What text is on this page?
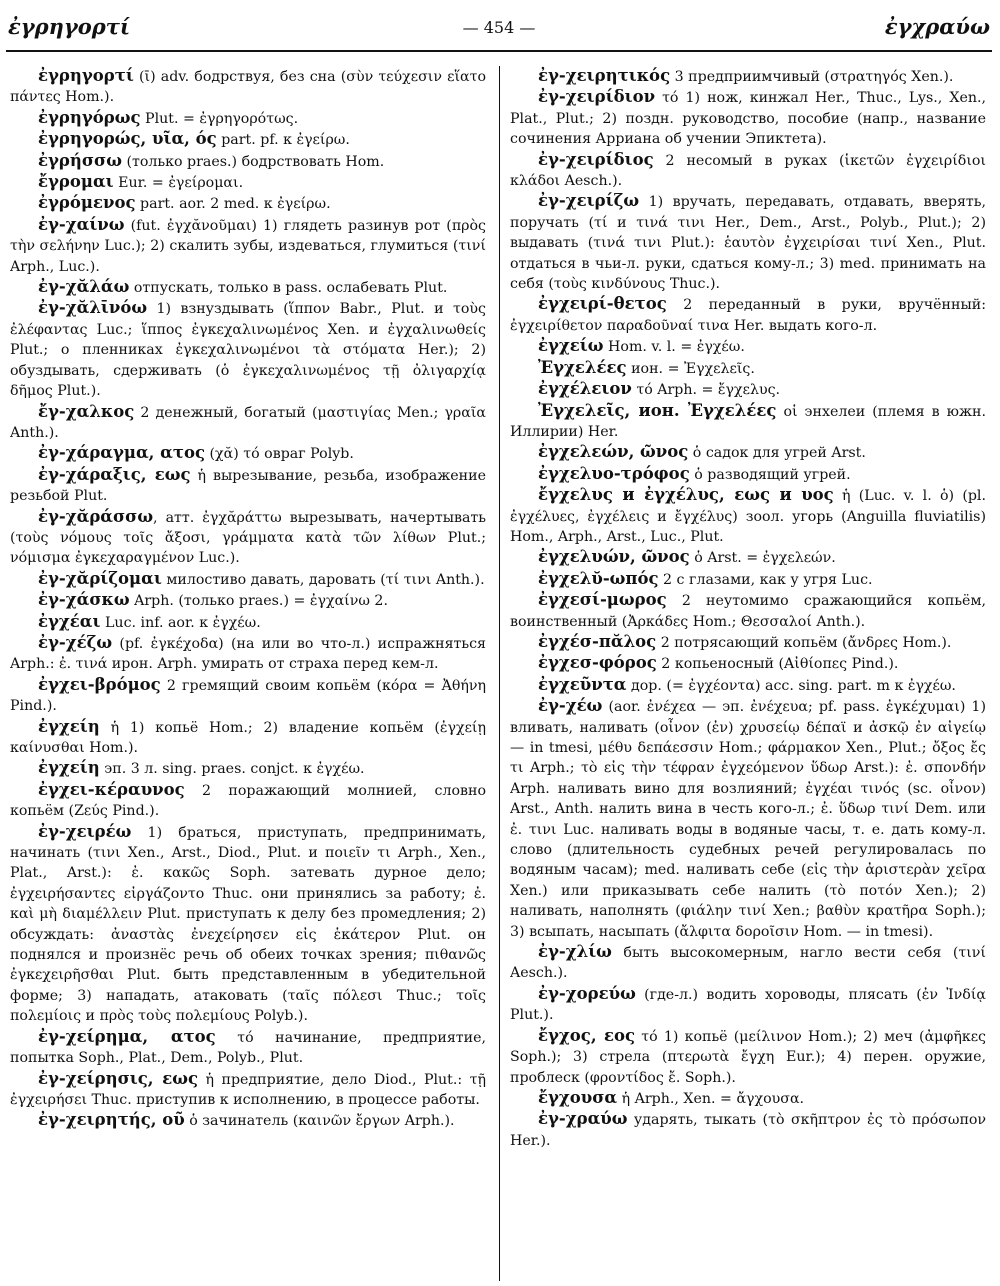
ἐγρηγορτί	— 454 —	ἐγχραύω

ἐγρηγορτί (ῑ) adv. бодрствуя, без сна (σὺν τεύχεσιν εἵατο πάντες Hom.).

ἐγρηγόρως Plut. = ἐγρηγορότως.

ἐγρηγορώς, υῖα, ός part. pf. к ἐγείρω.

ἐγρήσσω (только praes.) бодрствовать Hom.

ἔγρομαι Eur. = ἐγείρομαι.

ἐγρόμενος part. aor. 2 med. к ἐγείρω.

ἐγ-χαίνω (fut. ἐγχᾰνοῦμαι) 1) глядеть разинув рот (πρὸς τὴν σελήνην Luc.); 2) скалить зубы, издеваться, глумиться (τινί Arph., Luc.).

ἐγ-χᾰλάω отпускать, только в pass. ослабевать Plut.

ἐγ-χᾰλῑνόω 1) взнуздывать (ἵππον Babr., Plut. и τοὺς ἐλέφαντας Luc.; ἵππος ἐγκεχαλινωμένος Xen. и ἐγχαλινωθείς Plut.; о пленниках ἐγκεχαλινωμένοι τὰ στόματα Her.); 2) обуздывать, сдерживать (ὁ ἐγκεχαλινωμένος τῇ ὀλιγαρχίᾳ δῆμος Plut.).

ἔγ-χαλκος 2 денежный, богатый (μαστιγίας Men.; γραῖα Anth.).

ἐγ-χάραγμα, ατος (χᾰ) τό овраг Polyb.

ἐγ-χάραξις, εως ἡ вырезывание, резьба, изображение резьбой Plut.

ἐγ-χᾰράσσω, атт. ἐγχᾰράττω вырезывать, начертывать (τοὺς νόμους τοῖς ἄξοσι, γράμματα κατὰ τῶν λίθων Plut.; νόμισμα ἐγκεχαραγμένον Luc.).

ἐγ-χᾰρίζομαι милостиво давать, даровать (τί τινι Anth.).

ἐγ-χάσκω Arph. (только praes.) = ἐγχαίνω 2.

ἐγχέαι Luc. inf. aor. к ἐγχέω.

ἐγ-χέζω (pf. ἐγκέχοδα) (на или во что-л.) испражняться Arph.: ἐ. τινά ирон. Arph. умирать от страха перед кем-л.

ἐγχει-βρόμος 2 гремящий своим копьём (κόρα = Ἀθήνη Pind.).

ἐγχείη ἡ 1) копьё Hom.; 2) владение копьём (ἐγχείῃ καίνυσθαι Hom.).

ἐγχείη эп. 3 л. sing. praes. conjct. к ἐγχέω.

ἐγχει-κέραυνος 2 поражающий молнией, словно копьём (Ζεύς Pind.).

ἐγ-χειρέω 1) браться, приступать, предпринимать, начинать (τινι Xen., Arst., Diod., Plut. и ποιεῖν τι Arph., Xen., Plat., Arst.): ἐ. κακῶς Soph. затевать дурное дело; ἐγχειρήσαντες εἰργάζοντο Thuc. они принялись за работу; ἐ. καὶ μὴ διαμέλλειν Plut. приступать к делу без промедления; 2) обсуждать: ἀναστὰς ἐνεχείρησεν εἰς ἑκάτερον Plut. он поднялся и произнёс речь об обеих точках зрения; πιθανῶς ἐγκεχειρῆσθαι Plut. быть представленным в убедительной форме; 3) нападать, атаковать (ταῖς πόλεσι Thuc.; τοῖς πολεμίοις и πρὸς τοὺς πολεμίους Polyb.).

ἐγ-χείρημα, ατος τό начинание, предприятие, попытка Soph., Plat., Dem., Polyb., Plut.

ἐγ-χείρησις, εως ἡ предприятие, дело Diod., Plut.: τῇ ἐγχειρήσει Thuc. приступив к исполнению, в процессе работы.

ἐγ-χειρητής, οῦ ὁ зачинатель (καινῶν ἔργων Arph.).

ἐγ-χειρητικός 3 предприимчивый (στρατηγός Xen.).

ἐγ-χειρίδιον τό 1) нож, кинжал Her., Thuc., Lys., Xen., Plat., Plut.; 2) поздн. руководство, пособие (напр., название сочинения Арриана об учении Эпиктета).

ἐγ-χειρίδιος 2 несомый в руках (ἱκετῶν ἐγχειρίδιοι κλάδοι Aesch.).

ἐγ-χειρίζω 1) вручать, передавать, отдавать, вверять, поручать (τί и τινά τινι Her., Dem., Arst., Polyb., Plut.); 2) выдавать (τινά τινι Plut.): ἑαυτὸν ἐγχειρίσαι τινί Xen., Plut. отдаться в чьи-л. руки, сдаться кому-л.; 3) med. принимать на себя (τοὺς κινδύνους Thuc.).

ἐγχειρί-θετος 2 переданный в руки, вручённый: ἐγχειρίθετον παραδοῦναί τινα Her. выдать кого-л.

ἐγχείω Hom. v. l. = ἐγχέω.

Ἐγχελέες ион. = Ἐγχελεῖς.

ἐγχέλειον τό Arph. = ἔγχελυς.

Ἐγχελεῖς, ион. Ἐγχελέες οἱ энхелеи (племя в южн. Иллирии) Her.

ἐγχελεών, ῶνος ὁ садок для угрей Arst.

ἐγχελυο-τρόφος ὁ разводящий угрей.

ἔγχελυς и ἐγχέλυς, εως и υος ἡ (Luc. v. l. ὁ) (pl. ἐγχέλυες, ἐγχέλεις и ἔγχέλυς) зоол. угорь (Anguilla fluviatilis) Hom., Arph., Arst., Luc., Plut.

ἐγχελυών, ῶνος ὁ Arst. = ἐγχελεών.

ἐγχελῠ-ωπός 2 с глазами, как у угря Luc.

ἐγχεσί-μωρος 2 неутомимо сражающийся копьём, воинственный (Ἀρκάδες Hom.; Θεσσαλοί Anth.).

ἐγχέσ-πᾰλος 2 потрясающий копьём (ἄνδρες Hom.).

ἐγχεσ-φόρος 2 копьеносный (Αἰθίοπες Pind.).

ἐγχεῦντα дор. (= ἐγχέοντα) acc. sing. part. m к ἐγχέω.

ἐγ-χέω (aor. ἐνέχεα — эп. ἐνέχευα; pf. pass. ἐγκέχυμαι) 1) вливать, наливать (οἶνον (ἐν) χρυσείῳ δέπαϊ и ἀσκῷ ἐν αἰγείῳ — in tmesi, μέθυ δεπάεσσιν Hom.; φάρμακον Xen., Plut.; ὄξος ἔς τι Arph.; τὸ εἰς τὴν τέφραν ἐγχεόμενον ὕδωρ Arst.): ἐ. σπονδήν Arph. наливать вино для возлияний; ἐγχέαι τινός (sc. οἶνον) Arst., Anth. налить вина в честь кого-л.; ἐ. ὕδωρ τινί Dem. или ἐ. τινι Luc. наливать воды в водяные часы, т. е. дать кому-л. слово (длительность судебных речей регулировалась по водяным часам); med. наливать себе (εἰς τὴν ἀριστερὰν χεῖρα Xen.) или приказывать себе налить (τὸ ποτόν Xen.); 2) наливать, наполнять (φιάλην τινί Xen.; βαθὺν κρατῆρα Soph.); 3) всыпать, насыпать (ἄλφιτα δοροῖσιν Hom. — in tmesi).

ἐγ-χλίω быть высокомерным, нагло вести себя (τινί Aesch.).

ἐγ-χορεύω (где-л.) водить хороводы, плясать (ἐν Ἰνδίᾳ Plut.).

ἔγχος, εος τό 1) копьё (μείλινον Hom.); 2) меч (ἀμφῆκες Soph.); 3) стрела (πτερωτὰ ἔγχη Eur.); 4) перен. оружие, проблеск (φροντίδος ἔ. Soph.).

ἔγχουσα ἡ Arph., Xen. = ἄγχουσα.

ἐγ-χραύω ударять, тыкать (τὸ σκῆπτρον ἐς τὸ πρόσωπον Her.).
